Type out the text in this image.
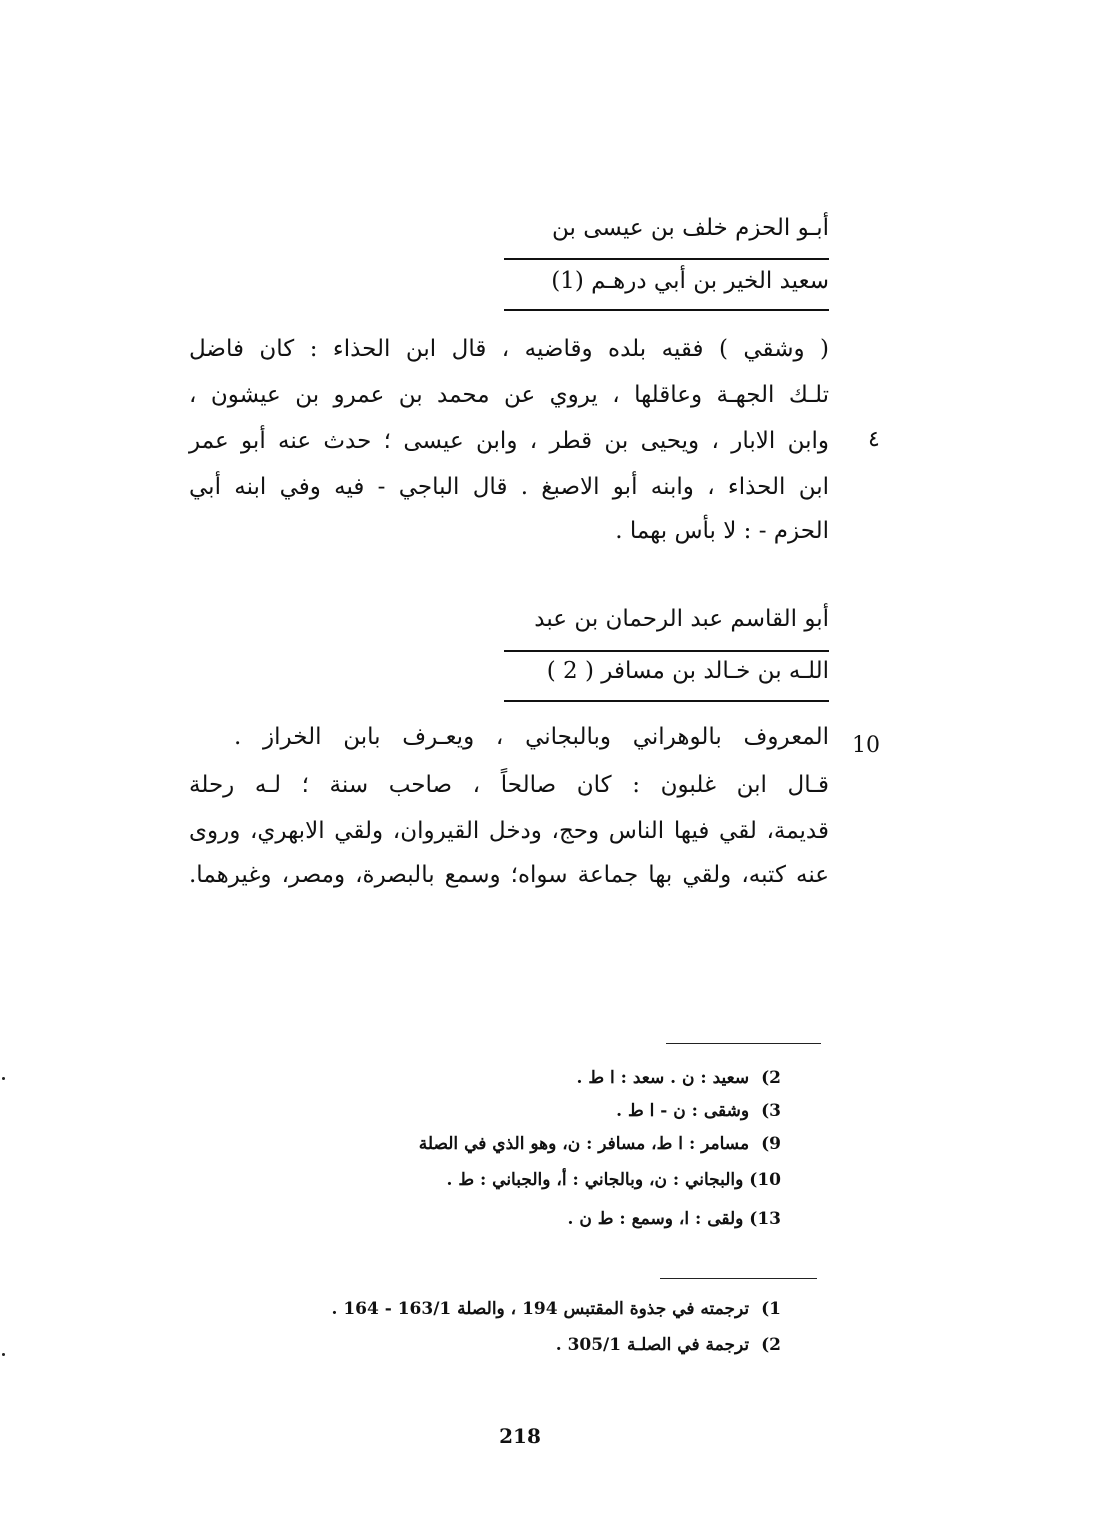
أبـو الحزم خلف بن عيسى بن
سعيد الخير بن أبي درهـم (1)
( وشقي ) فقيه بلده وقاضيه ، قال ابن الحذاء : كان فاضل
تلـك الجهـة وعاقلها ، يروي عن محمد بن عمرو بن عيشون ،
وابن الابار ، ويحيى بن قطر ، وابن عيسى ؛ حدث عنه أبو عمر
ابن الحذاء ، وابنه أبو الاصبغ . قال الباجي - فيه وفي ابنه أبي
الحزم - : لا بأس بهما .
٤
أبو القاسم عبد الرحمان بن عبد
اللـه بن خـالد بن مسافر ( 2 )
المعروف بالوهراني وبالبجاني ، ويعـرف بابن الخراز .
قـال ابن غلبون : كان صالحاً ، صاحب سنة ؛ لـه رحلة
قديمة، لقي فيها الناس وحج، ودخل القيروان، ولقي الابهري، وروى
عنه كتبه، ولقي بها جماعة سواه؛ وسمع بالبصرة، ومصر، وغيرهما.
10
2) سعيد : ن . سعد : ا ط .
3) وشقى : ن - ا ط .
9) مسامر : ا ط، مسافر : ن، وهو الذي في الصلة
10) والبجاني : ن، وبالجاني : أ، والجباني : ط .
13) ولقى : ا، وسمع : ط ن .
1) ترجمته في جذوة المقتبس 194 ، والصلة 163/1 - 164 .
2) ترجمة في الصلـة 305/1 .
218
